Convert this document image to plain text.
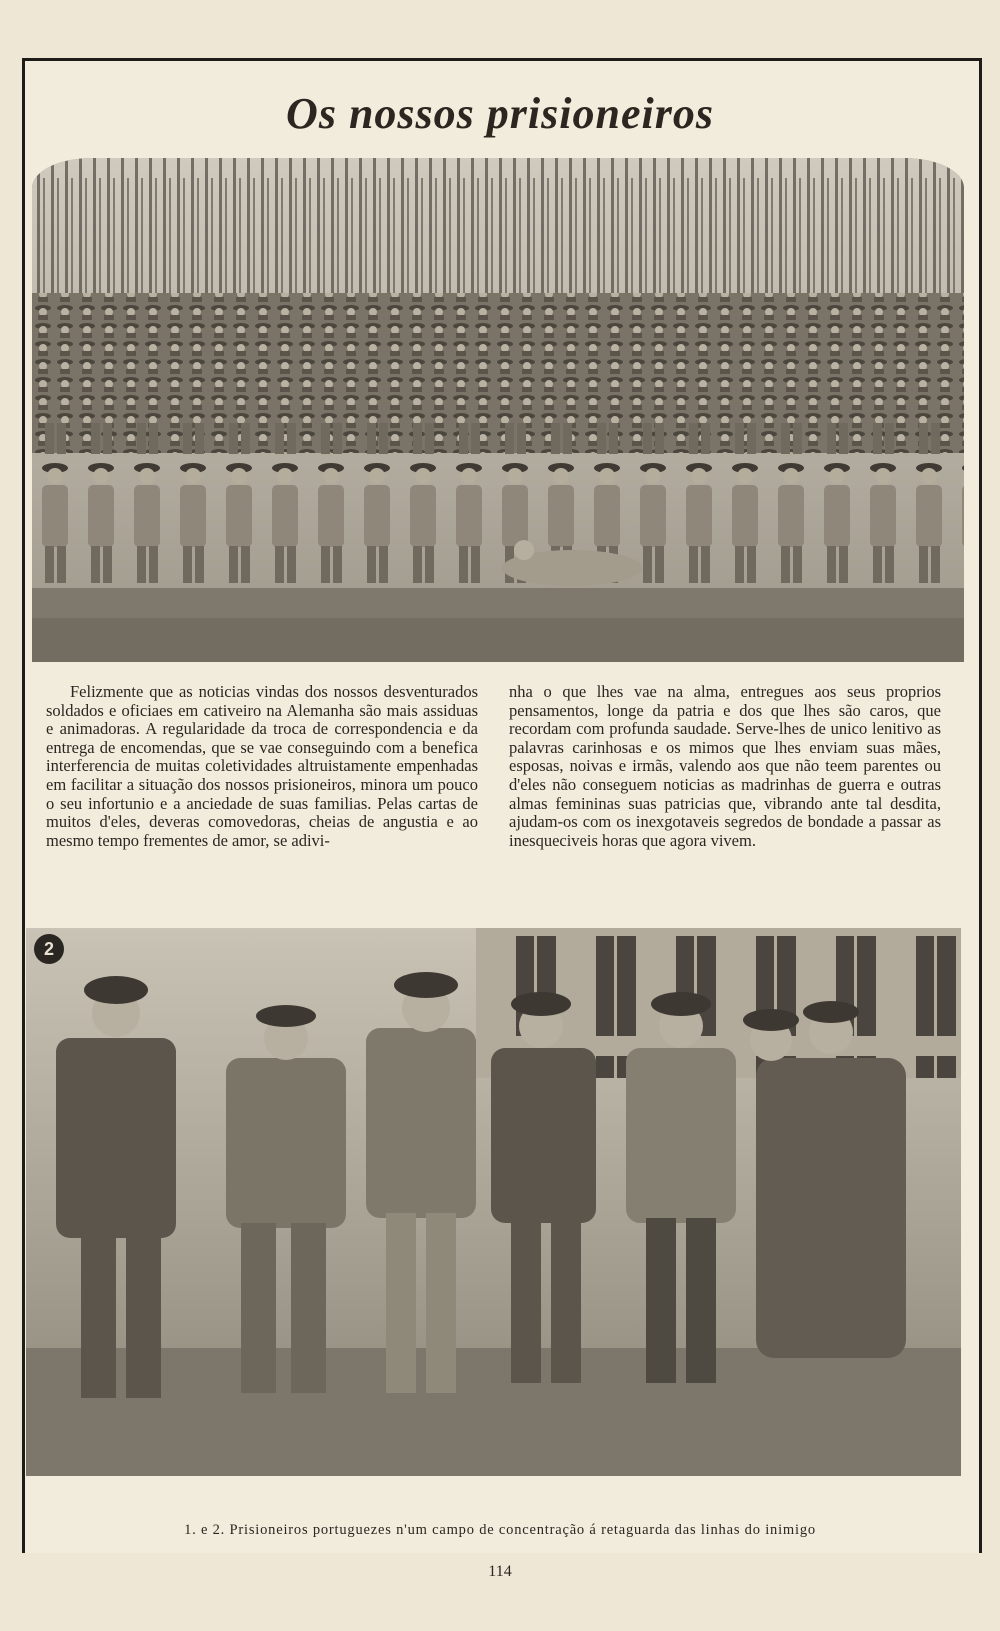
Os nossos prisioneiros

Felizmente que as noticias vindas dos nossos desventurados soldados e oficiaes em cativeiro na Alemanha são mais assiduas e animadoras. A regularidade da troca de correspondencia e da entrega de encomendas, que se vae conseguindo com a benefica interferencia de muitas coletividades altruistamente empenhadas em facilitar a situação dos nossos prisioneiros, minora um pouco o seu infortunio e a anciedade de suas familias. Pelas cartas de muitos d'eles, deveras comovedoras, cheias de angustia e ao mesmo tempo frementes de amor, se adivi-

nha o que lhes vae na alma, entregues aos seus proprios pensamentos, longe da patria e dos que lhes são caros, que recordam com profunda saudade. Serve-lhes de unico lenitivo as palavras carinhosas e os mimos que lhes enviam suas mães, esposas, noivas e irmãs, valendo aos que não teem parentes ou d'eles não conseguem noticias as madrinhas de guerra e outras almas femininas suas patricias que, vibrando ante tal desdita, ajudam-os com os inexgotaveis segredos de bondade a passar as inesqueciveis horas que agora vivem.

2
1. e 2. Prisioneiros portuguezes n'um campo de concentração á retaguarda das linhas do inimigo
114
